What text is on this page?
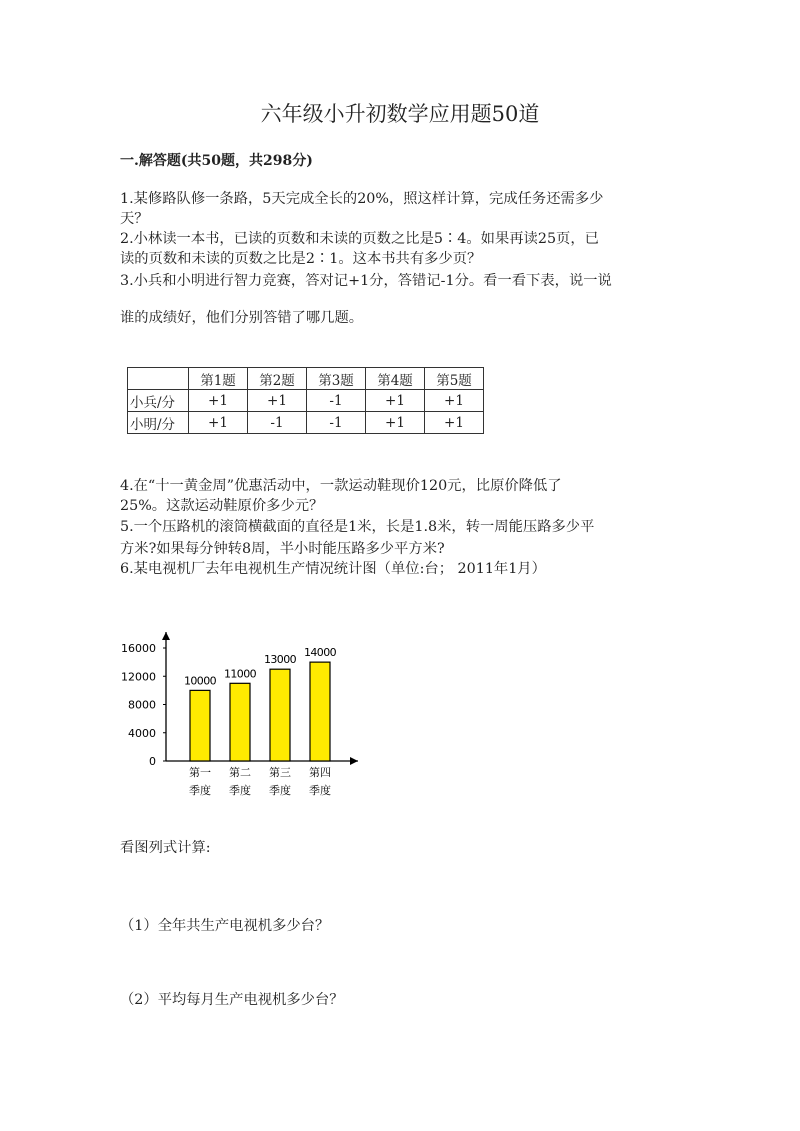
六年级小升初数学应用题50道
一.解答题(共50题，共298分)
1.某修路队修一条路，5天完成全长的20%，照这样计算，完成任务还需多少
天？
2.小林读一本书，已读的页数和未读的页数之比是5∶4。如果再读25页，已
读的页数和未读的页数之比是2∶1。这本书共有多少页？
3.小兵和小明进行智力竞赛，答对记+1分，答错记-1分。看一看下表，说一说
谁的成绩好，他们分别答错了哪几题。
	第1题	第2题	第3题	第4题	第5题
小兵/分	+1	+1	-1	+1	+1
小明/分	+1	-1	-1	+1	+1
4.在“十一黄金周”优惠活动中，一款运动鞋现价120元，比原价降低了
25%。这款运动鞋原价多少元？
5.一个压路机的滚筒横截面的直径是1米，长是1.8米，转一周能压路多少平
方米?如果每分钟转8周，半小时能压路多少平方米?
6.某电视机厂去年电视机生产情况统计图（单位:台； 2011年1月）
0
4000
8000
12000
16000
10000
第一
季度
11000
第二
季度
13000
第三
季度
14000
第四
季度
看图列式计算:
（1）全年共生产电视机多少台？
（2）平均每月生产电视机多少台？
